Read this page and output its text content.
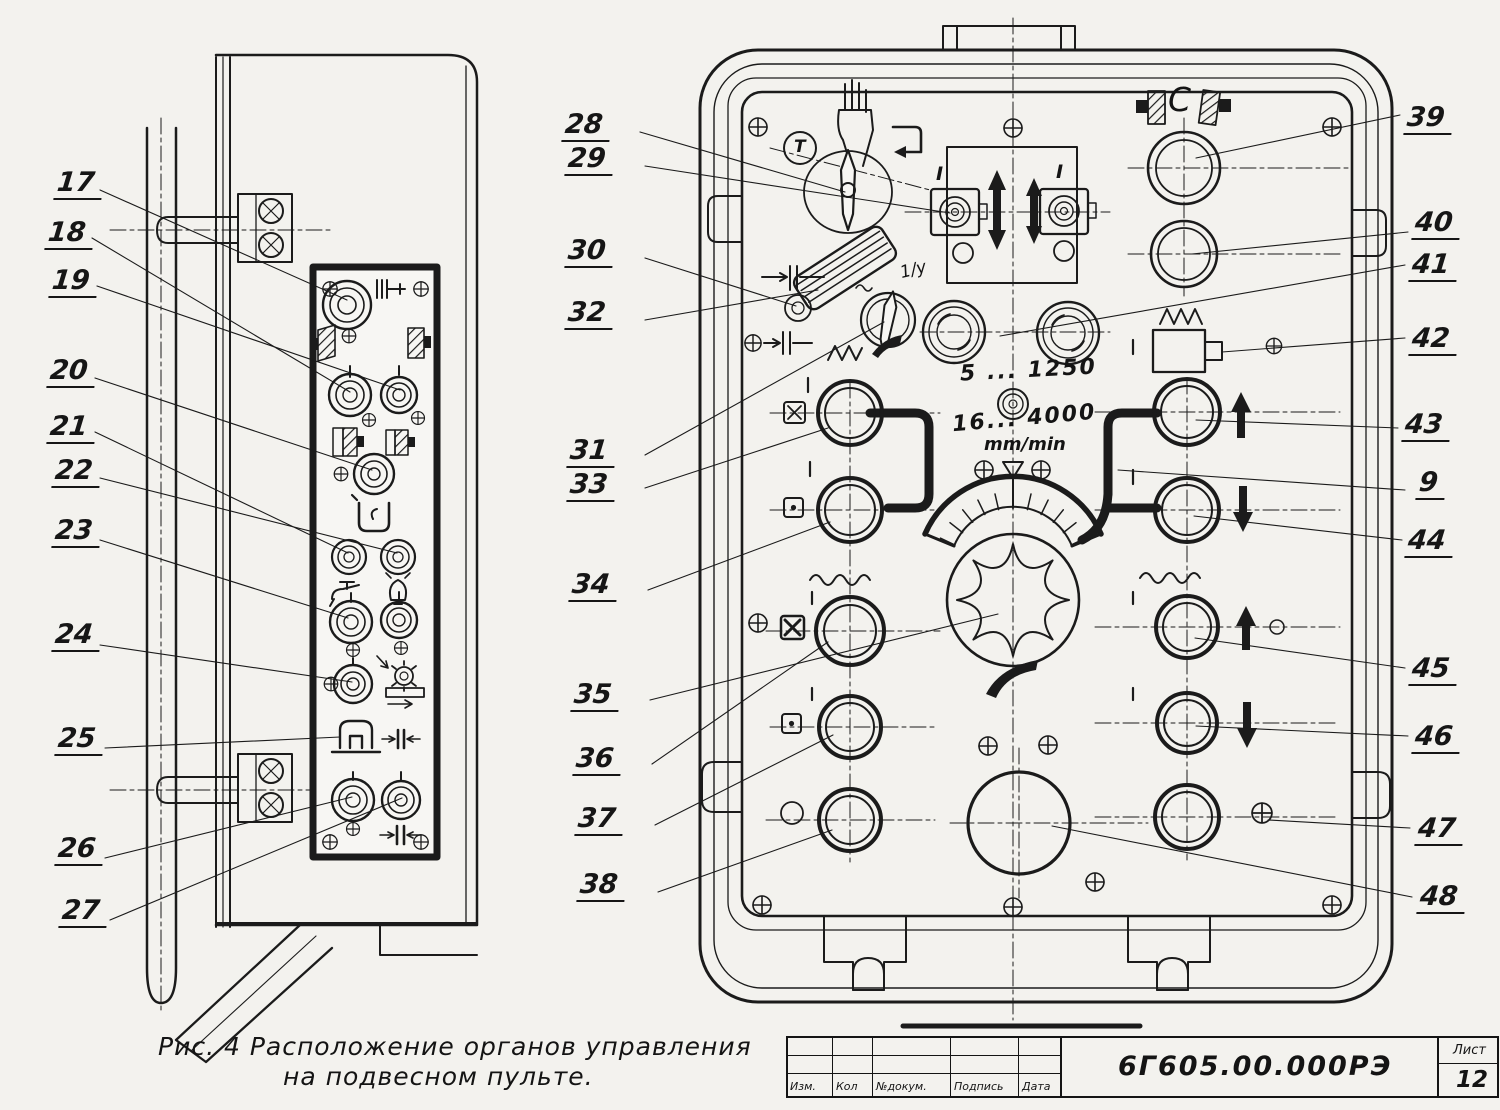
17
18
19
20
21
22
23
24
25
26
27
28
29
30
32
31
33
34
35
36
37
38
39
40
41
42
43
9
44
45
46
47
48
T
I	I
C
1/у
5 ... 1250
16... 4000
mm/min
Рис. 4 Расположение органов управления
на подвесном пульте.	Изм. Кол №докум. Подпись Дата
6Г605.00.000РЭ
Лист
12
